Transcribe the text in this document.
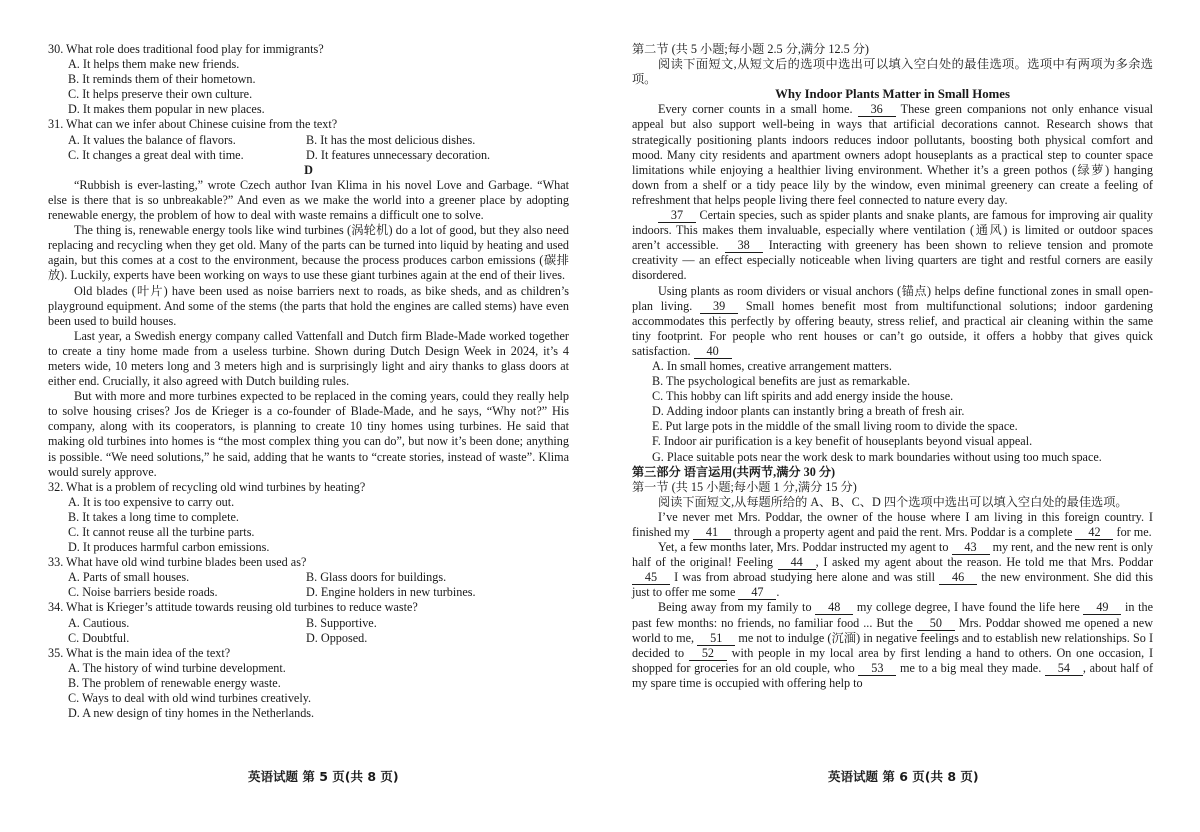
30. What role does traditional food play for immigrants?

A. It helps them make new friends.

B. It reminds them of their hometown.

C. It helps preserve their own culture.

D. It makes them popular in new places.

31. What can we infer about Chinese cuisine from the text?

A. It values the balance of flavors.	B. It has the most delicious dishes.
C. It changes a great deal with time.	D. It features unnecessary decoration.

D

“Rubbish is ever-lasting,” wrote Czech author Ivan Klima in his novel Love and Garbage. “What else is there that is so unbreakable?” And even as we make the world into a greener place by adopting renewable energy, the problem of how to deal with waste remains a difficult one to solve.

The thing is, renewable energy tools like wind turbines (涡轮机) do a lot of good, but they also need replacing and recycling when they get old. Many of the parts can be turned into liquid by heating and used again, but this comes at a cost to the environment, because the process produces carbon emissions (碳排放). Luckily, experts have been working on ways to use these giant turbines again at the end of their lives.

Old blades (叶片) have been used as noise barriers next to roads, as bike sheds, and as children’s playground equipment. And some of the stems (the parts that hold the engines are called stems) have even been used to build houses.

Last year, a Swedish energy company called Vattenfall and Dutch firm Blade-Made worked together to create a tiny home made from a useless turbine. Shown during Dutch Design Week in 2024, it’s 4 meters wide, 10 meters long and 3 meters high and is surprisingly light and airy thanks to glass doors at either end. Crucially, it also agreed with Dutch building rules.

But with more and more turbines expected to be replaced in the coming years, could they really help to solve housing crises? Jos de Krieger is a co-founder of Blade-Made, and he says, “Why not?” His company, along with its cooperators, is planning to create 10 tiny homes using turbines. He said that making old turbines into homes is “the most complex thing you can do”, but now it’s been done; anything is possible. “We need solutions,” he said, adding that he wants to “create stories, instead of waste”. Klima would surely approve.

32. What is a problem of recycling old wind turbines by heating?

A. It is too expensive to carry out.

B. It takes a long time to complete.

C. It cannot reuse all the turbine parts.

D. It produces harmful carbon emissions.

33. What have old wind turbine blades been used as?

A. Parts of small houses.	B. Glass doors for buildings.
C. Noise barriers beside roads.	D. Engine holders in new turbines.

34. What is Krieger’s attitude towards reusing old turbines to reduce waste?

A. Cautious.	B. Supportive.
C. Doubtful.	D. Opposed.

35. What is the main idea of the text?

A. The history of wind turbine development.

B. The problem of renewable energy waste.

C. Ways to deal with old wind turbines creatively.

D. A new design of tiny homes in the Netherlands.

英语试题 第 5 页(共 8 页)

第二节 (共 5 小题;每小题 2.5 分,满分 12.5 分)

阅读下面短文,从短文后的选项中选出可以填入空白处的最佳选项。选项中有两项为多余选项。

Why Indoor Plants Matter in Small Homes

Every corner counts in a small home. 36 These green companions not only enhance visual appeal but also support well-being in ways that artificial decorations cannot. Research shows that strategically positioning plants indoors reduces indoor pollutants, boosting both physical comfort and mood. Many city residents and apartment owners adopt houseplants as a practical step to counter space limitations while enjoying a healthier living environment. Whether it’s a green pothos (绿萝) hanging down from a shelf or a tidy peace lily by the window, even minimal greenery can create a feeling of refreshment that helps people living there feel connected to nature every day.

37 Certain species, such as spider plants and snake plants, are famous for improving air quality indoors. This makes them invaluable, especially where ventilation (通风) is limited or outdoor spaces aren’t accessible. 38 Interacting with greenery has been shown to relieve tension and promote creativity — an effect especially noticeable when living quarters are tight and restful corners are easily disordered.

Using plants as room dividers or visual anchors (锚点) helps define functional zones in small open-plan living. 39 Small homes benefit most from multifunctional solutions; indoor gardening accommodates this perfectly by offering beauty, stress relief, and practical air cleaning within the same tiny footprint. For people who rent houses or can’t go outside, it offers a hobby that gives quick satisfaction. 40

A. In small homes, creative arrangement matters.

B. The psychological benefits are just as remarkable.

C. This hobby can lift spirits and add energy inside the house.

D. Adding indoor plants can instantly bring a breath of fresh air.

E. Put large pots in the middle of the small living room to divide the space.

F. Indoor air purification is a key benefit of houseplants beyond visual appeal.

G. Place suitable pots near the work desk to mark boundaries without using too much space.

第三部分 语言运用(共两节,满分 30 分)

第一节 (共 15 小题;每小题 1 分,满分 15 分)

阅读下面短文,从每题所给的 A、B、C、D 四个选项中选出可以填入空白处的最佳选项。

I’ve never met Mrs. Poddar, the owner of the house where I am living in this foreign country. I finished my 41 through a property agent and paid the rent. Mrs. Poddar is a complete 42 for me.

Yet, a few months later, Mrs. Poddar instructed my agent to 43 my rent, and the new rent is only half of the original! Feeling 44 , I asked my agent about the reason. He told me that Mrs. Poddar 45 I was from abroad studying here alone and was still 46 the new environment. She did this just to offer me some 47 .

Being away from my family to 48 my college degree, I have found the life here 49 in the past few months: no friends, no familiar food ... But the 50 Mrs. Poddar showed me opened a new world to me, 51 me not to indulge (沉湎) in negative feelings and to establish new relationships. So I decided to 52 with people in my local area by first lending a hand to others. On one occasion, I shopped for groceries for an old couple, who 53 me to a big meal they made. 54 , about half of my spare time is occupied with offering help to

英语试题 第 6 页(共 8 页)
